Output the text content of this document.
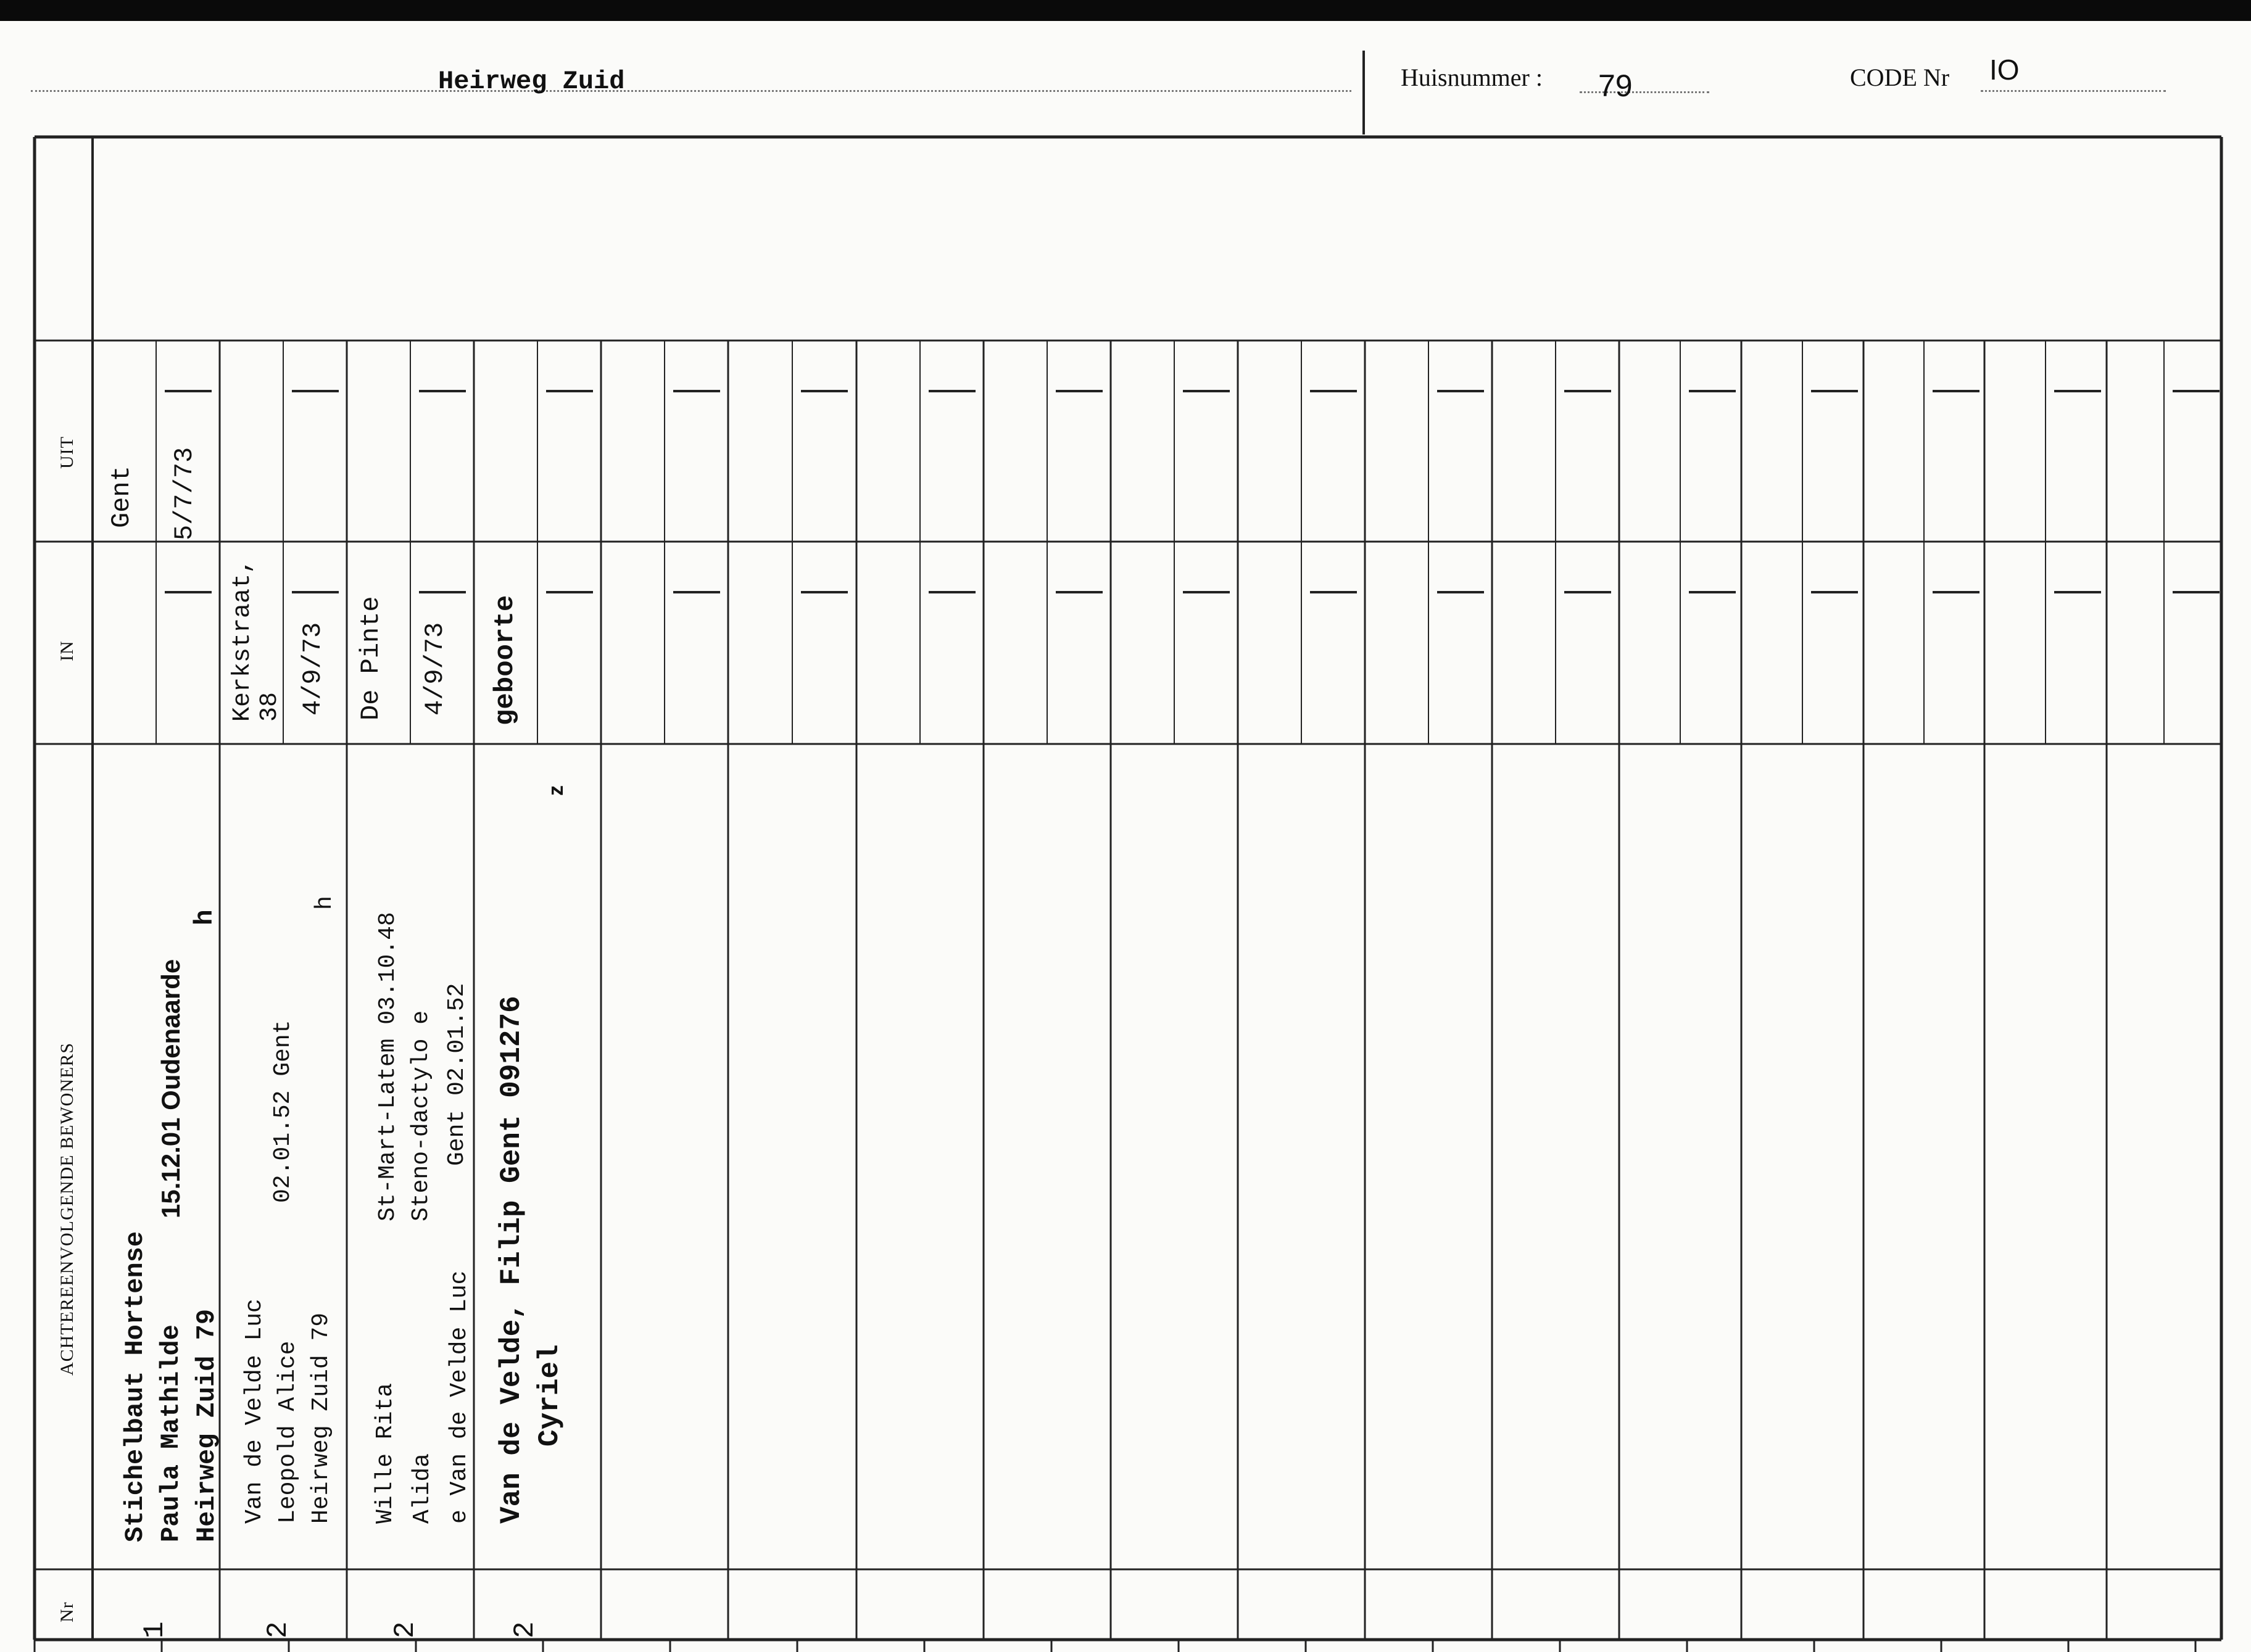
Heirweg Zuid	Huisnummer : 79	CODE Nr IO
UIT
IN
ACHTEREENVOLGENDE BEWONERS
Nr
Gent 5/7/73
Stichelbaut Hortense Paula Mathilde Heirweg Zuid 79
15.12.01 Oudenaarde
h
1
Kerkstraat, 38 4/9/73
Van de Velde Luc Leopold Alice Heirweg Zuid 79
02.01.52 Gent
h
2
De Pinte 4/9/73
Wille Rita Alida e Van de Velde Luc
St-Mart-Latem 03.10.48 Steno-dactylo e Gent 02.01.52
2
geboorte
Van de Velde, Filip Gent 091276 Cyriel
z
2
